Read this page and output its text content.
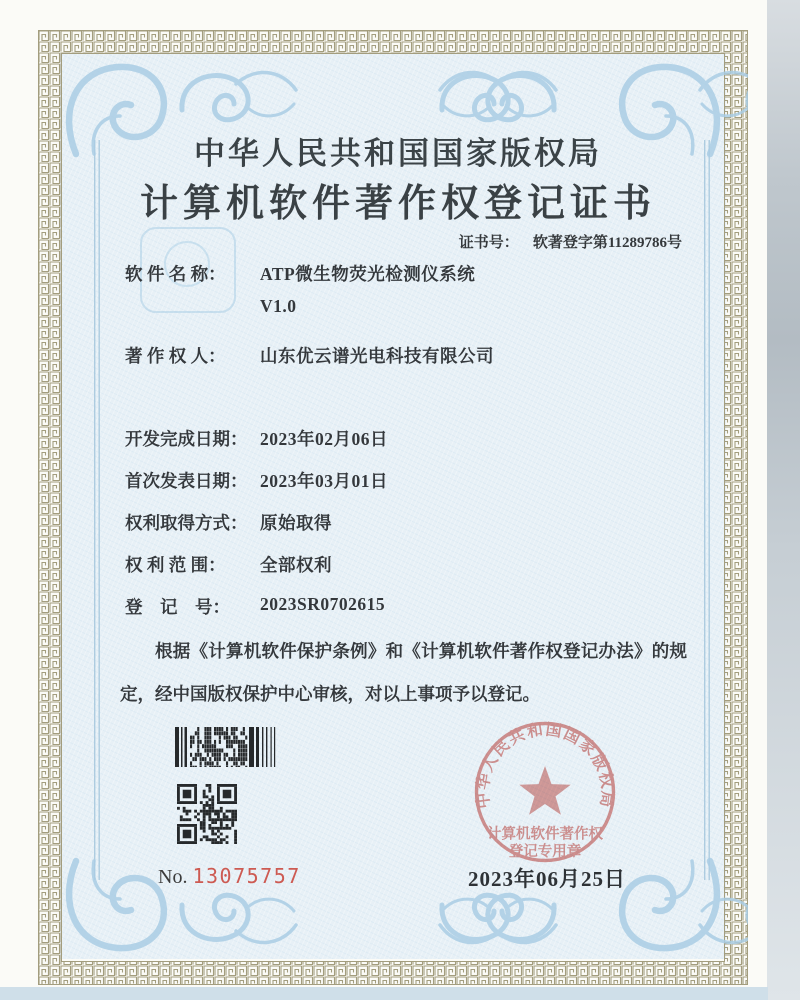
中华人民共和国国家版权局
计算机软件著作权登记证书
证书号： 软著登字第11289786号
软 件 名 称：	ATP微生物荧光检测仪系统
V1.0
著 作 权 人：	山东优云谱光电科技有限公司
开发完成日期： 2023年02月06日
首次发表日期： 2023年03月01日
权利取得方式： 原始取得
权 利 范 围：	全部权利
登　记　号：	2023SR0702615
根据《计算机软件保护条例》和《计算机软件著作权登记办法》的规定，经中国版权保护中心审核，对以上事项予以登记。
No. 13075757
中华人民共和国国家版权局
计算机软件著作权
登记专用章
2023年06月25日
